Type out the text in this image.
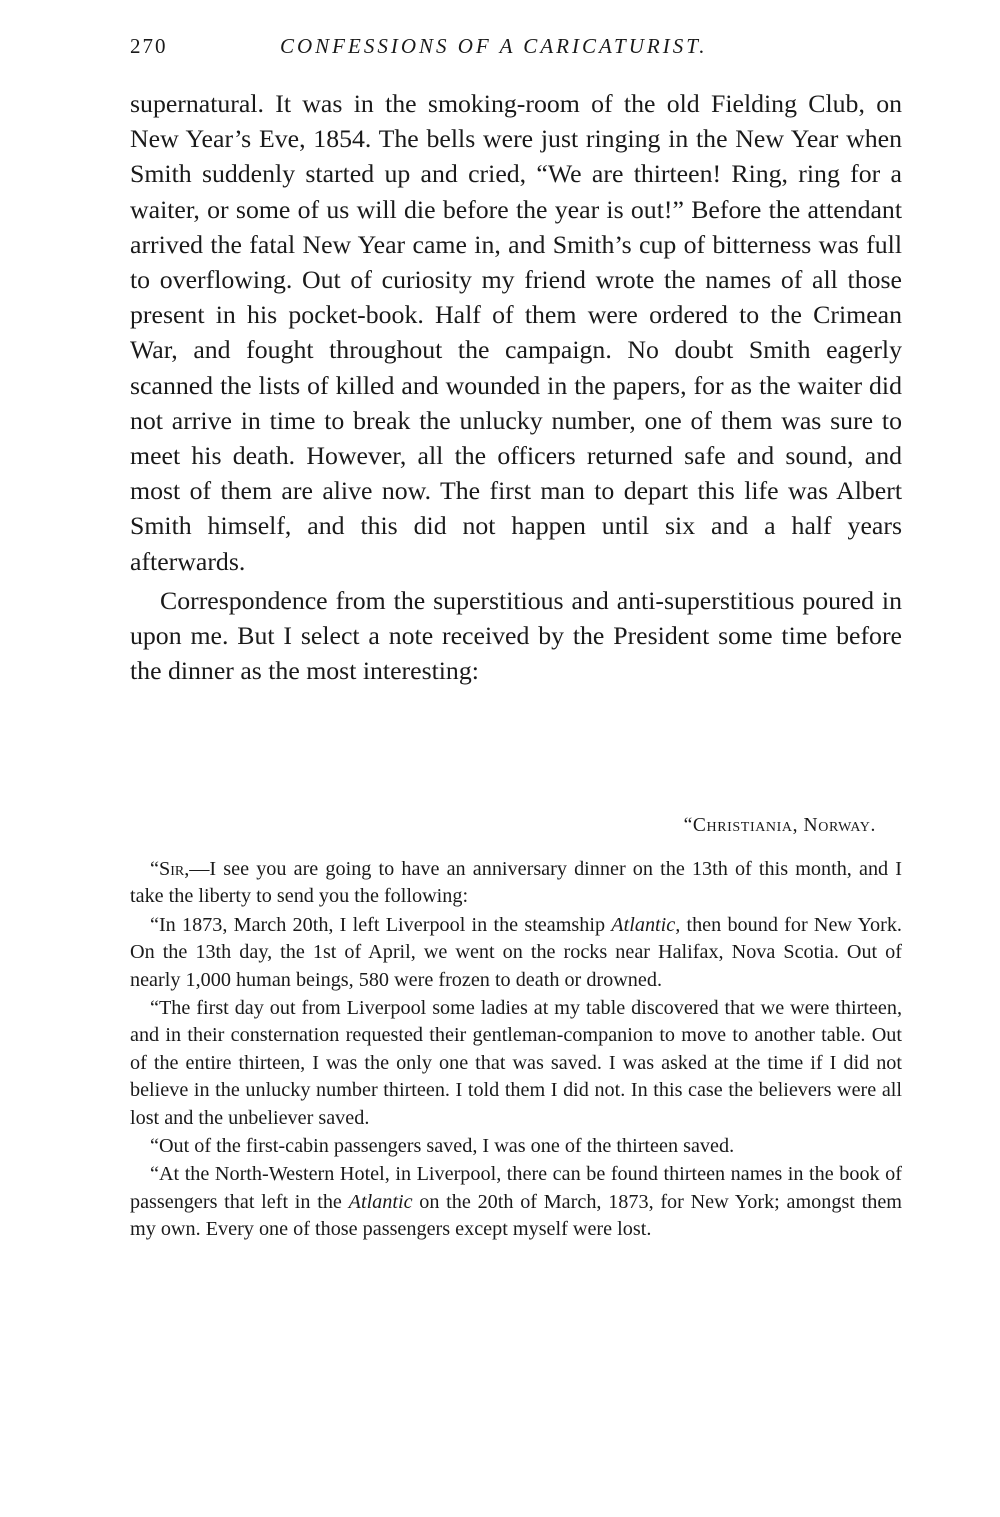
270	CONFESSIONS OF A CARICATURIST.

supernatural. It was in the smoking-room of the old Fielding Club, on New Year’s Eve, 1854. The bells were just ringing in the New Year when Smith suddenly started up and cried, “We are thirteen! Ring, ring for a waiter, or some of us will die before the year is out!” Before the attendant arrived the fatal New Year came in, and Smith’s cup of bitterness was full to overflowing. Out of curiosity my friend wrote the names of all those present in his pocket-book. Half of them were ordered to the Crimean War, and fought throughout the campaign. No doubt Smith eagerly scanned the lists of killed and wounded in the papers, for as the waiter did not arrive in time to break the unlucky number, one of them was sure to meet his death. However, all the officers returned safe and sound, and most of them are alive now. The first man to depart this life was Albert Smith himself, and this did not happen until six and a half years afterwards.

Correspondence from the superstitious and anti-superstitious poured in upon me. But I select a note received by the President some time before the dinner as the most interesting:

“Christiania, Norway.

“Sir,—I see you are going to have an anniversary dinner on the 13th of this month, and I take the liberty to send you the following:

“In 1873, March 20th, I left Liverpool in the steamship Atlantic, then bound for New York. On the 13th day, the 1st of April, we went on the rocks near Halifax, Nova Scotia. Out of nearly 1,000 human beings, 580 were frozen to death or drowned.

“The first day out from Liverpool some ladies at my table discovered that we were thirteen, and in their consternation requested their gentleman-companion to move to another table. Out of the entire thirteen, I was the only one that was saved. I was asked at the time if I did not believe in the unlucky number thirteen. I told them I did not. In this case the believers were all lost and the unbeliever saved.

“Out of the first-cabin passengers saved, I was one of the thirteen saved.

“At the North-Western Hotel, in Liverpool, there can be found thirteen names in the book of passengers that left in the Atlantic on the 20th of March, 1873, for New York; amongst them my own. Every one of those passengers except myself were lost.
